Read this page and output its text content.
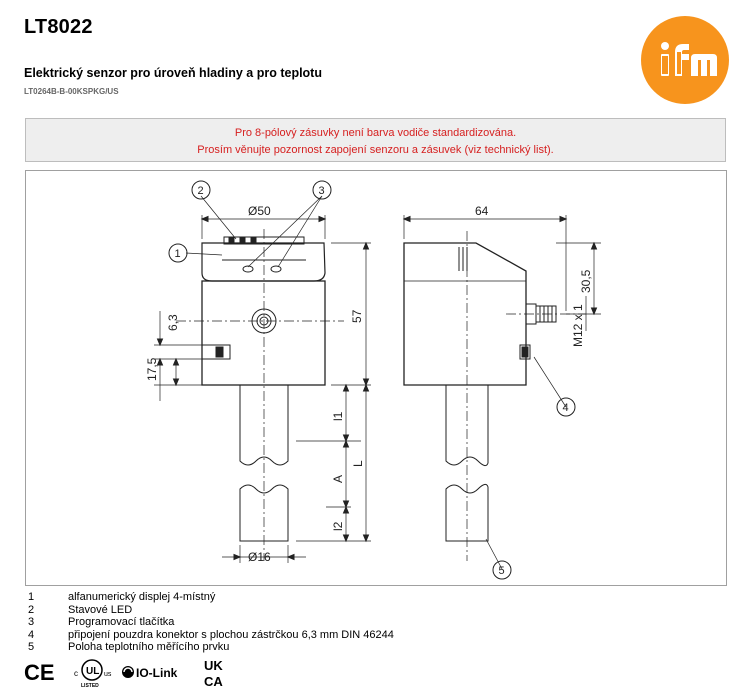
LT8022
Elektrický senzor pro úroveň hladiny a pro teplotu
LT0264B-B-00KSPKG/US
Pro 8-pólový zásuvky není barva vodiče standardizována.
Prosím věnujte pozornost zapojení senzoru a zásuvek (viz technický list).
Ø50	64
57
6,3
17,5
30,5
M12 x 1
l1
A
L
l2
Ø16
2	3
1
4
5
1	alfanumerický displej 4-místný
2	Stavové LED
3	Programovací tlačítka
4	připojení pouzdra konektor s plochou zástrčkou 6,3 mm DIN 46244
5	Poloha teplotního měřícího prvku
CE	UL
c	us
LISTED
IO-Link UK
CA
